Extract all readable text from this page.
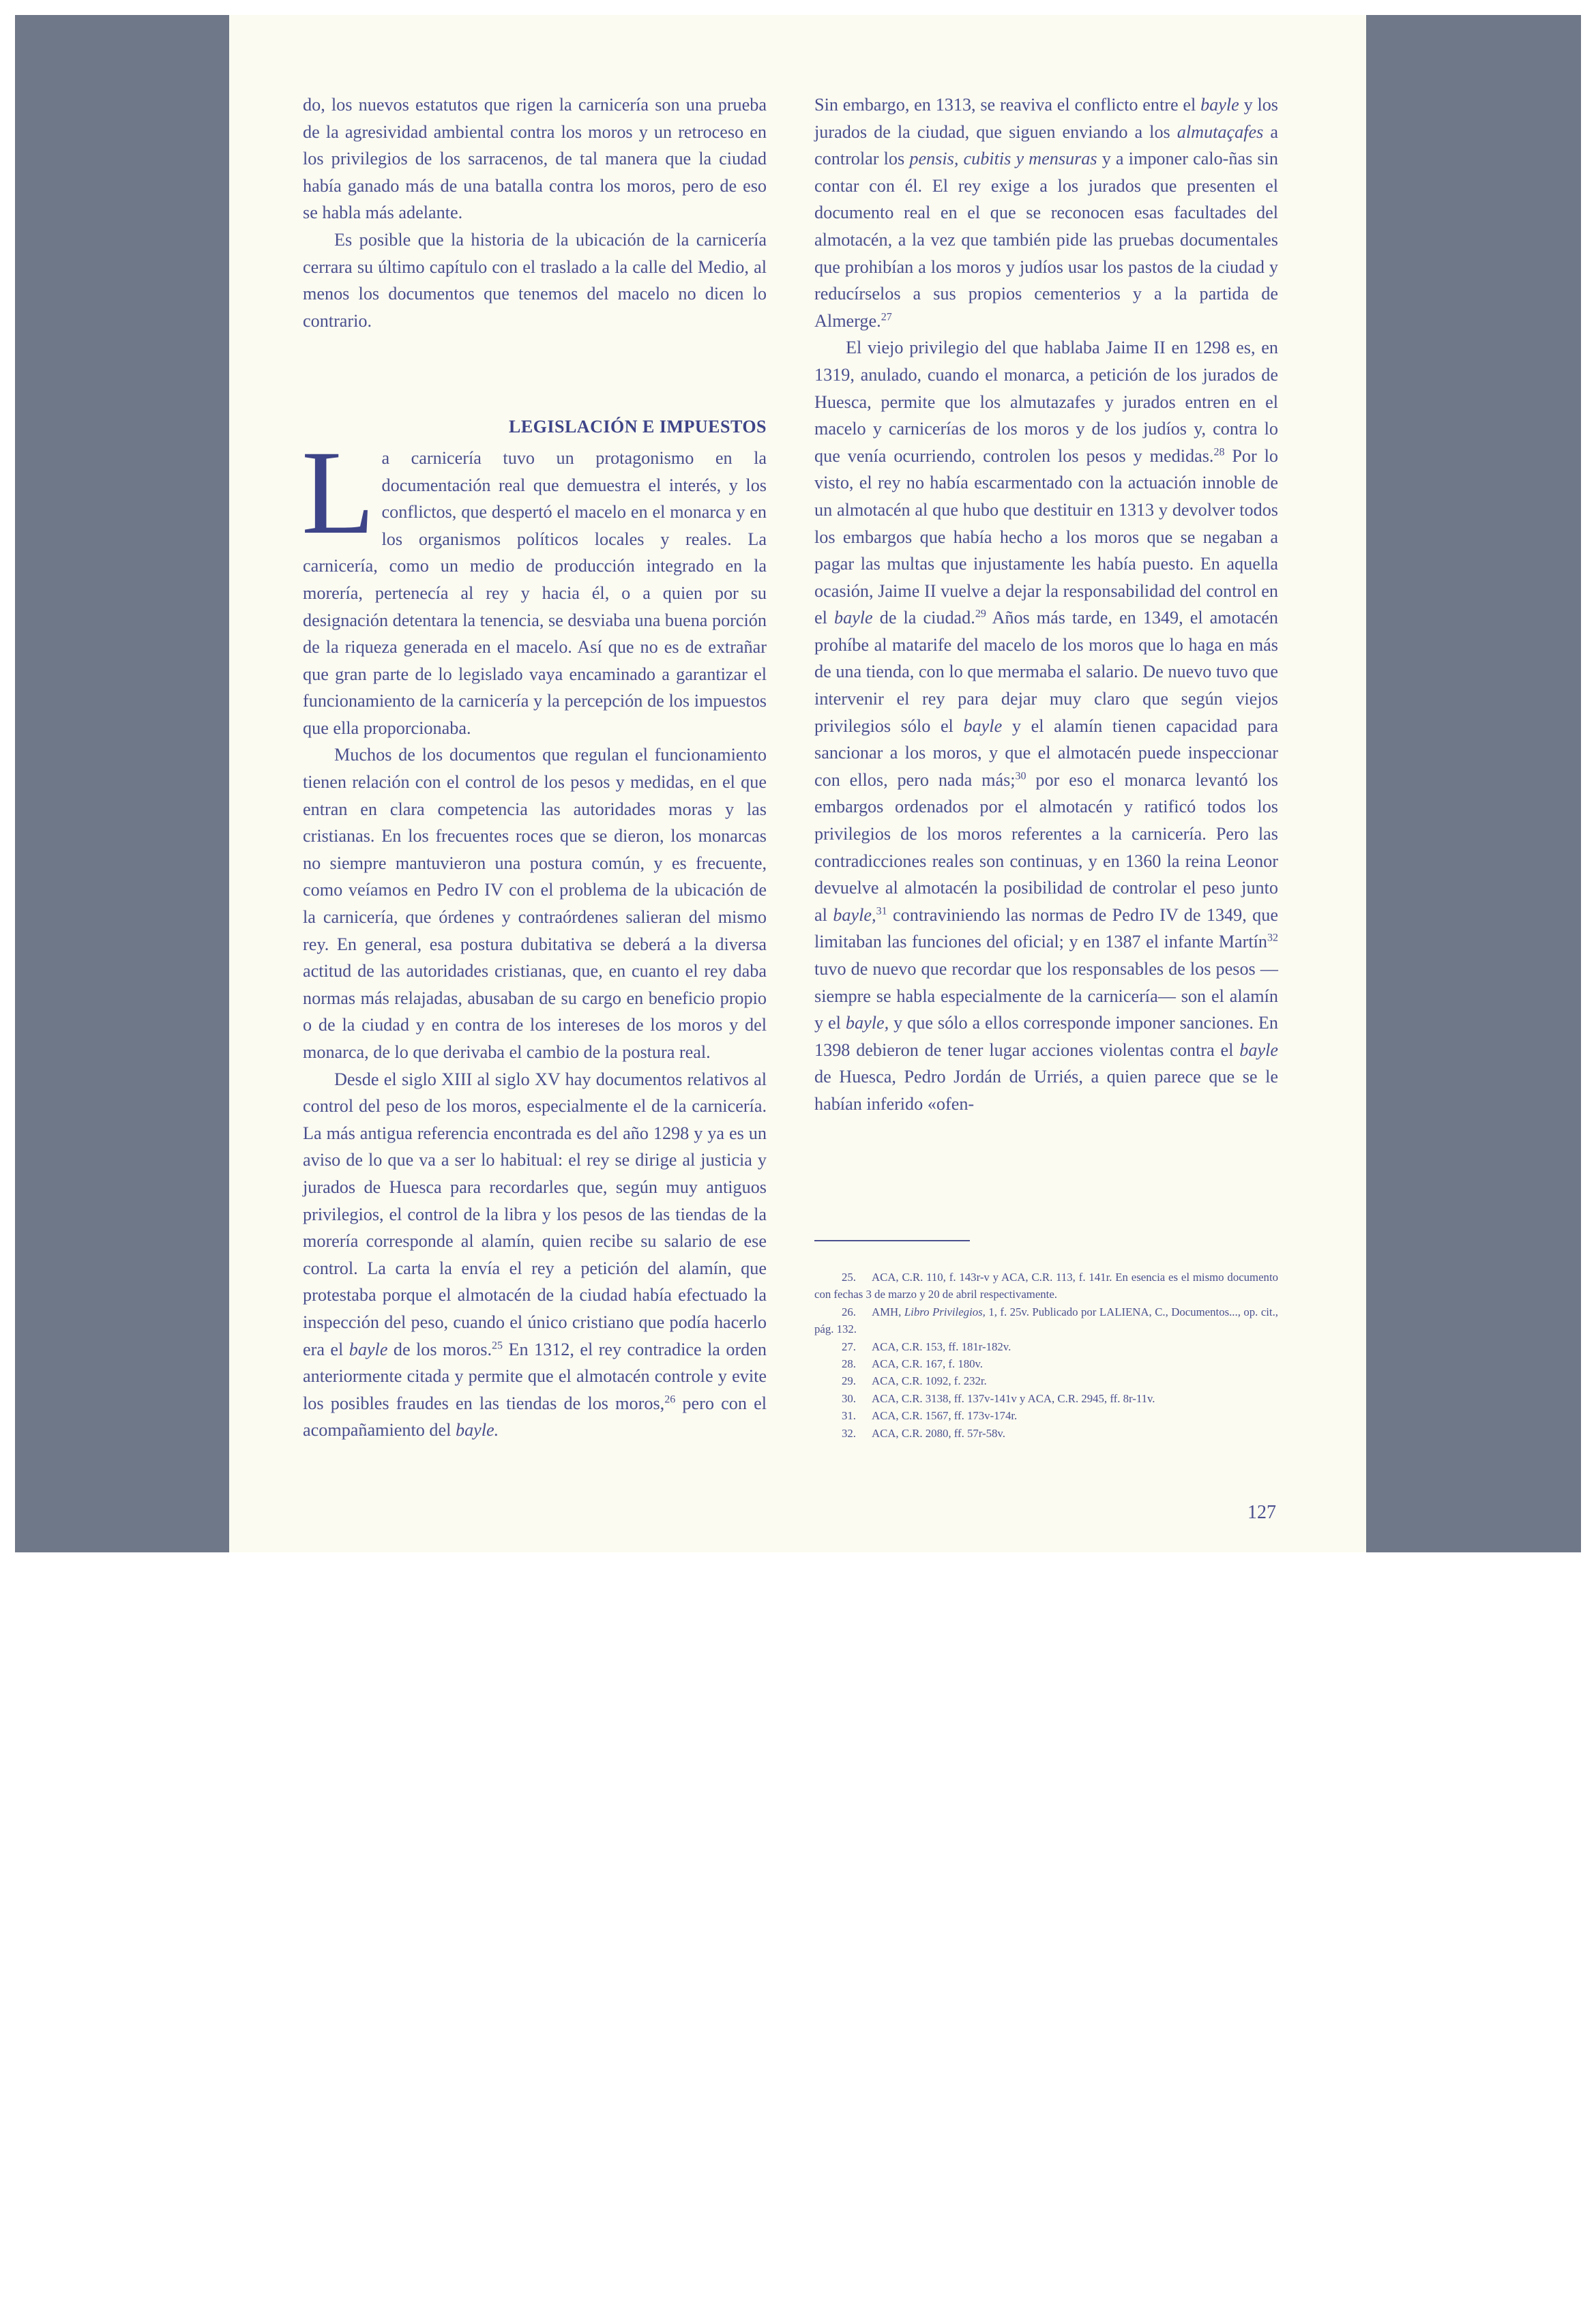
do, los nuevos estatutos que rigen la carnicería son una prueba de la agresividad ambiental contra los moros y un retroceso en los privilegios de los sarracenos, de tal manera que la ciudad había ganado más de una batalla contra los moros, pero de eso se habla más adelante.

Es posible que la historia de la ubicación de la carnicería cerrara su último capítulo con el traslado a la calle del Medio, al menos los documentos que tenemos del macelo no dicen lo contrario.

LEGISLACIÓN E IMPUESTOS

La carnicería tuvo un protagonismo en la documentación real que demuestra el interés, y los conflictos, que despertó el macelo en el monarca y en los organismos políticos locales y reales. La carnicería, como un medio de producción integrado en la morería, pertenecía al rey y hacia él, o a quien por su designación detentara la tenencia, se desviaba una buena porción de la riqueza generada en el macelo. Así que no es de extrañar que gran parte de lo legislado vaya encaminado a garantizar el funcionamiento de la carnicería y la percepción de los impuestos que ella proporcionaba.

Muchos de los documentos que regulan el funcionamiento tienen relación con el control de los pesos y medidas, en el que entran en clara competencia las autoridades moras y las cristianas. En los frecuentes roces que se dieron, los monarcas no siempre mantuvieron una postura común, y es frecuente, como veíamos en Pedro IV con el problema de la ubicación de la carnicería, que órdenes y contraórdenes salieran del mismo rey. En general, esa postura dubitativa se deberá a la diversa actitud de las autoridades cristianas, que, en cuanto el rey daba normas más relajadas, abusaban de su cargo en beneficio propio o de la ciudad y en contra de los intereses de los moros y del monarca, de lo que derivaba el cambio de la postura real.

Desde el siglo XIII al siglo XV hay documentos relativos al control del peso de los moros, especialmente el de la carnicería. La más antigua referencia encontrada es del año 1298 y ya es un aviso de lo que va a ser lo habitual: el rey se dirige al justicia y jurados de Huesca para recordarles que, según muy antiguos privilegios, el control de la libra y los pesos de las tiendas de la morería corresponde al alamín, quien recibe su salario de ese control. La carta la envía el rey a petición del alamín, que protestaba porque el almotacén de la ciudad había efectuado la inspección del peso, cuando el único cristiano que podía hacerlo era el bayle de los moros.$^{25}$ En 1312, el rey contradice la orden anteriormente citada y permite que el almotacén controle y evite los posibles fraudes en las tiendas de los moros,$^{26}$ pero con el acompañamiento del bayle.

Sin embargo, en 1313, se reaviva el conflicto entre el bayle y los jurados de la ciudad, que siguen enviando a los almutaçafes a controlar los pensis, cubitis y mensuras y a imponer calo-ñas sin contar con él. El rey exige a los jurados que presenten el documento real en el que se reconocen esas facultades del almotacén, a la vez que también pide las pruebas documentales que prohibían a los moros y judíos usar los pastos de la ciudad y reducírselos a sus propios cementerios y a la partida de Almerge.$^{27}$

El viejo privilegio del que hablaba Jaime II en 1298 es, en 1319, anulado, cuando el monarca, a petición de los jurados de Huesca, permite que los almutazafes y jurados entren en el macelo y carnicerías de los moros y de los judíos y, contra lo que venía ocurriendo, controlen los pesos y medidas.$^{28}$ Por lo visto, el rey no había escarmentado con la actuación innoble de un almotacén al que hubo que destituir en 1313 y devolver todos los embargos que había hecho a los moros que se negaban a pagar las multas que injustamente les había puesto. En aquella ocasión, Jaime II vuelve a dejar la responsabilidad del control en el bayle de la ciudad.$^{29}$ Años más tarde, en 1349, el amotacén prohíbe al matarife del macelo de los moros que lo haga en más de una tienda, con lo que mermaba el salario. De nuevo tuvo que intervenir el rey para dejar muy claro que según viejos privilegios sólo el bayle y el alamín tienen capacidad para sancionar a los moros, y que el almotacén puede inspeccionar con ellos, pero nada más;$^{30}$ por eso el monarca levantó los embargos ordenados por el almotacén y ratificó todos los privilegios de los moros referentes a la carnicería. Pero las contradicciones reales son continuas, y en 1360 la reina Leonor devuelve al almotacén la posibilidad de controlar el peso junto al bayle,$^{31}$ contraviniendo las normas de Pedro IV de 1349, que limitaban las funciones del oficial; y en 1387 el infante Martín$^{32}$ tuvo de nuevo que recordar que los responsables de los pesos —siempre se habla especialmente de la carnicería— son el alamín y el bayle, y que sólo a ellos corresponde imponer sanciones. En 1398 debieron de tener lugar acciones violentas contra el bayle de Huesca, Pedro Jordán de Urriés, a quien parece que se le habían inferido «ofen-

25. ACA, C.R. 110, f. 143r-v y ACA, C.R. 113, f. 141r. En esencia es el mismo documento con fechas 3 de marzo y 20 de abril respectivamente.
26. AMH, Libro Privilegios, 1, f. 25v. Publicado por LALIENA, C., Documentos..., op. cit., pág. 132.
27. ACA, C.R. 153, ff. 181r-182v.
28. ACA, C.R. 167, f. 180v.
29. ACA, C.R. 1092, f. 232r.
30. ACA, C.R. 3138, ff. 137v-141v y ACA, C.R. 2945, ff. 8r-11v.
31. ACA, C.R. 1567, ff. 173v-174r.
32. ACA, C.R. 2080, ff. 57r-58v.
127
